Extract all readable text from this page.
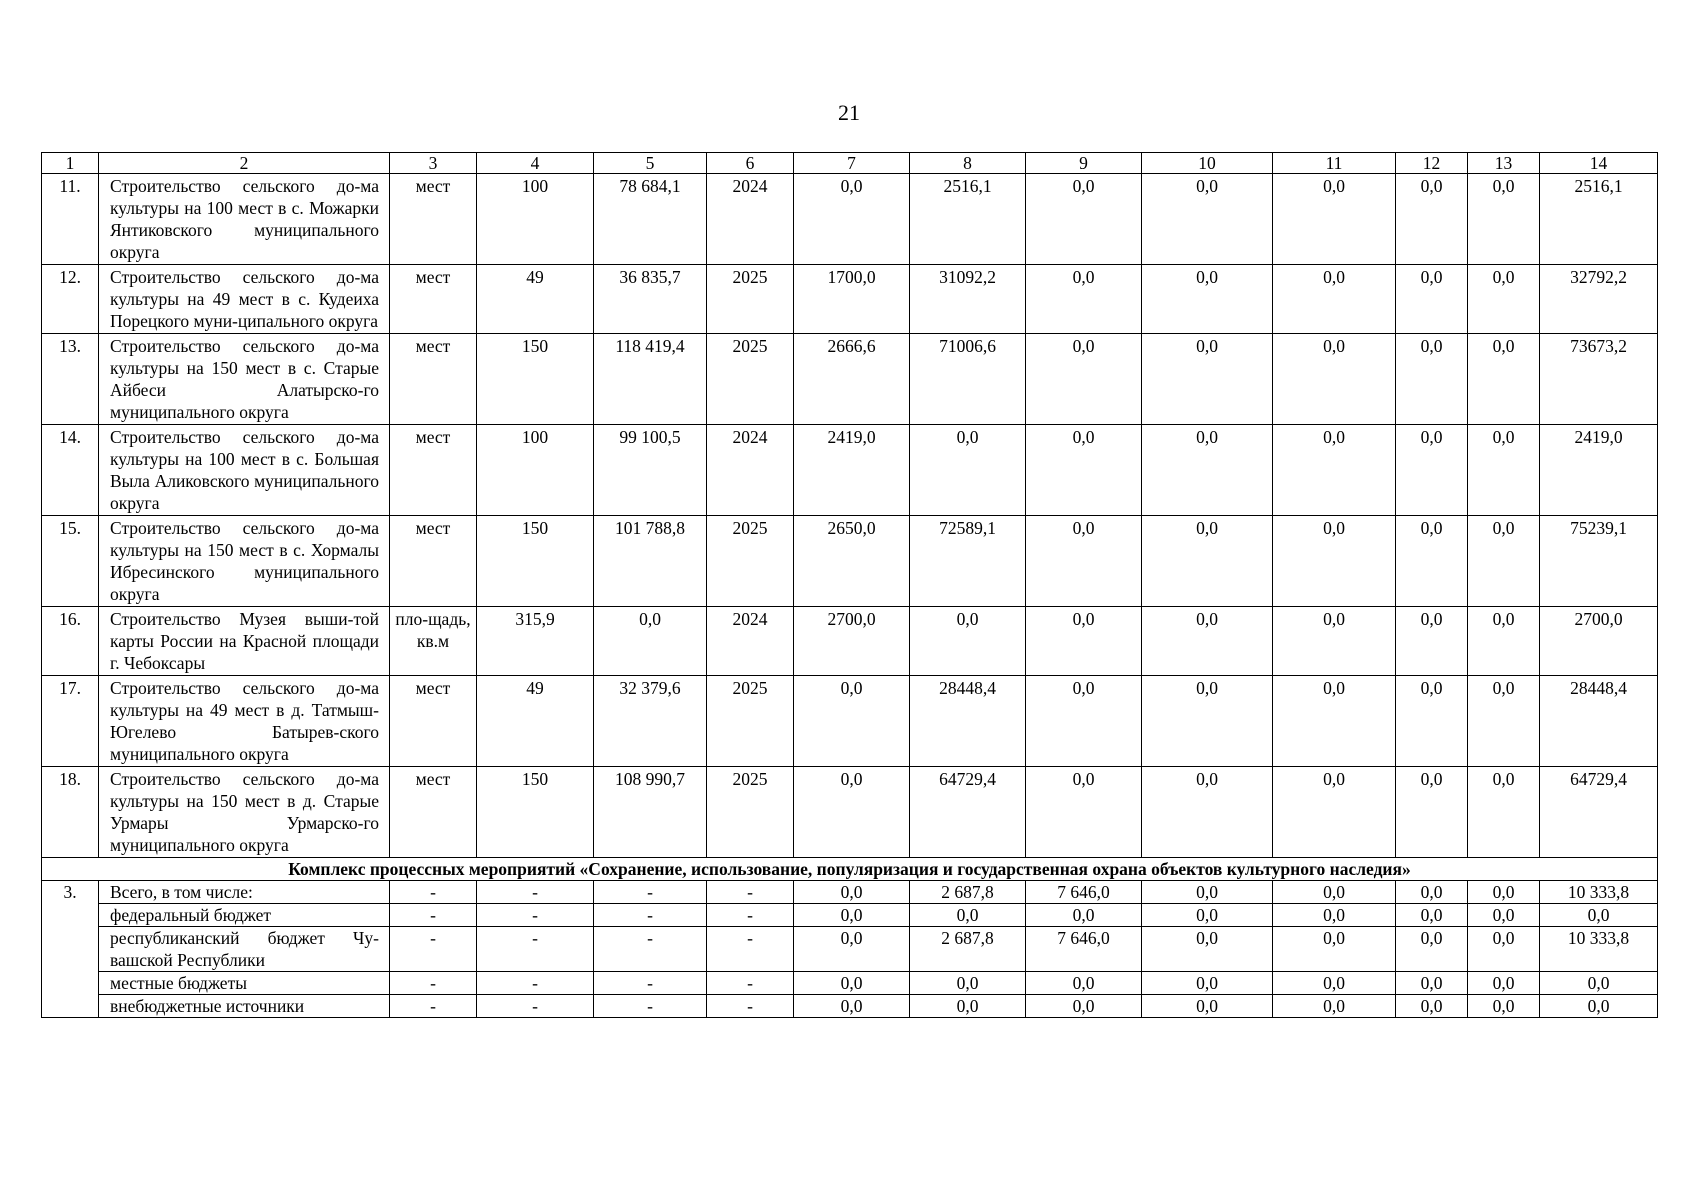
21
1	2	3	4	5	6	7	8	9	10	11	12	13	14
11.	Строительство сельского до-ма культуры на 100 мест в с. Можарки Янтиковского муниципального округа	мест	100	78 684,1	2024	0,0	2516,1	0,0	0,0	0,0	0,0	0,0	2516,1
12.	Строительство сельского до-ма культуры на 49 мест в с. Кудеиха Порецкого муни-ципального округа	мест	49	36 835,7	2025	1700,0	31092,2	0,0	0,0	0,0	0,0	0,0	32792,2
13.	Строительство сельского до-ма культуры на 150 мест в с. Старые Айбеси Алатырско-го муниципального округа	мест	150	118 419,4	2025	2666,6	71006,6	0,0	0,0	0,0	0,0	0,0	73673,2
14.	Строительство сельского до-ма культуры на 100 мест в с. Большая Выла Аликовского муниципального округа	мест	100	99 100,5	2024	2419,0	0,0	0,0	0,0	0,0	0,0	0,0	2419,0
15.	Строительство сельского до-ма культуры на 150 мест в с. Хормалы Ибресинского муниципального округа	мест	150	101 788,8	2025	2650,0	72589,1	0,0	0,0	0,0	0,0	0,0	75239,1
16.	Строительство Музея выши-той карты России на Красной площади г. Чебоксары	пло-щадь, кв.м	315,9	0,0	2024	2700,0	0,0	0,0	0,0	0,0	0,0	0,0	2700,0
17.	Строительство сельского до-ма культуры на 49 мест в д. Татмыш-Югелево Батырев-ского муниципального округа	мест	49	32 379,6	2025	0,0	28448,4	0,0	0,0	0,0	0,0	0,0	28448,4
18.	Строительство сельского до-ма культуры на 150 мест в д. Старые Урмары Урмарско-го муниципального округа	мест	150	108 990,7	2025	0,0	64729,4	0,0	0,0	0,0	0,0	0,0	64729,4
Комплекс процессных мероприятий «Сохранение, использование, популяризация и государственная охрана объектов культурного наследия»													
3.	Всего, в том числе:	-	-	-	-	0,0	2 687,8	7 646,0	0,0	0,0	0,0	0,0	10 333,8
	федеральный бюджет	-	-	-	-	0,0	0,0	0,0	0,0	0,0	0,0	0,0	0,0
	республиканский бюджет Чу-вашской Республики	-	-	-	-	0,0	2 687,8	7 646,0	0,0	0,0	0,0	0,0	10 333,8
	местные бюджеты	-	-	-	-	0,0	0,0	0,0	0,0	0,0	0,0	0,0	0,0
	внебюджетные источники	-	-	-	-	0,0	0,0	0,0	0,0	0,0	0,0	0,0	0,0
